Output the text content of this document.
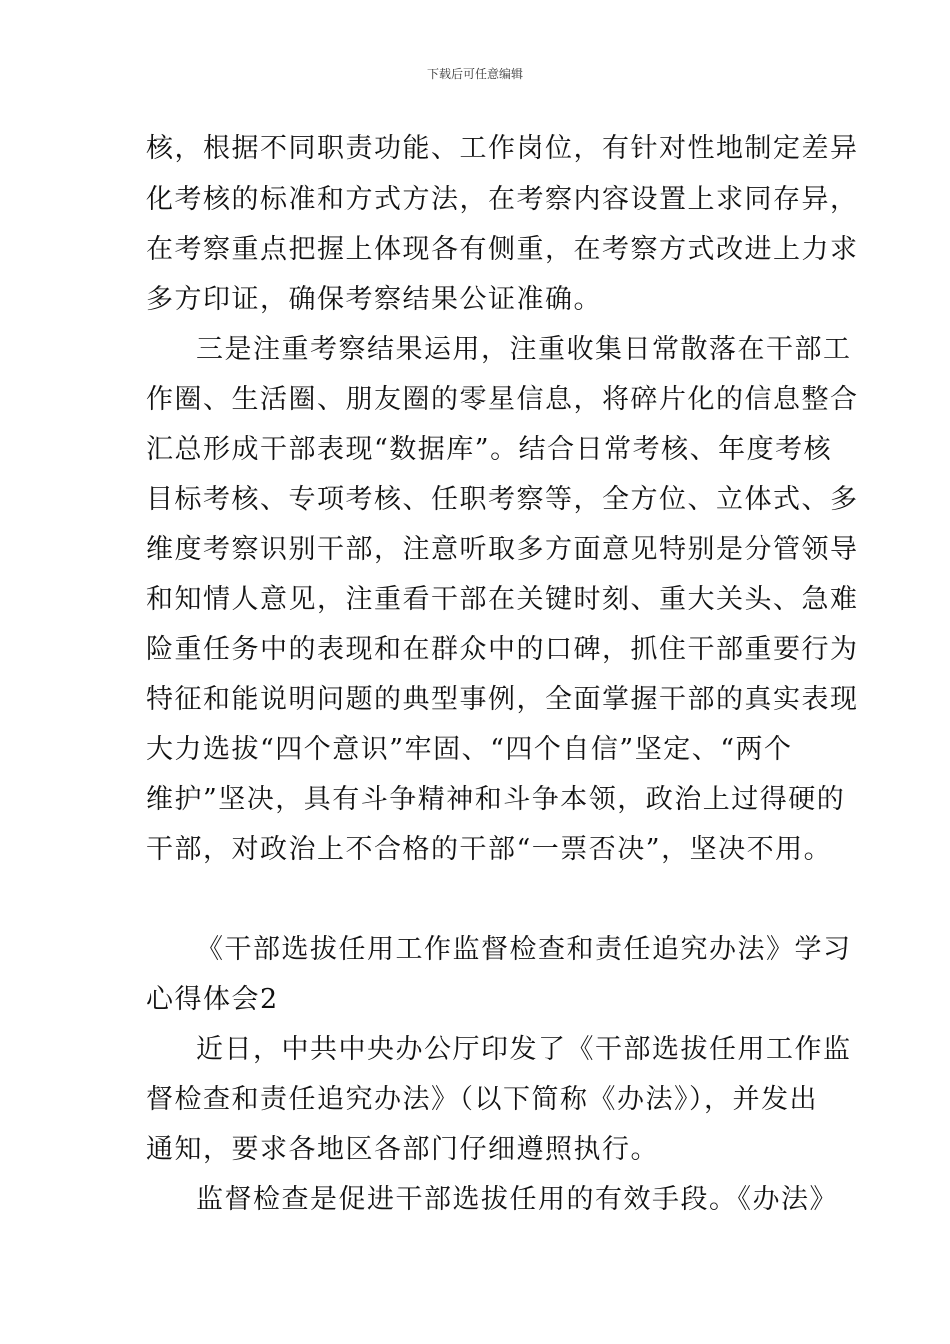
下载后可任意编辑
核，根据不同职责功能、工作岗位，有针对性地制定差异
化考核的标准和方式方法，在考察内容设置上求同存异，
在考察重点把握上体现各有侧重，在考察方式改进上力求
多方印证，确保考察结果公证准确。
三是注重考察结果运用，注重收集日常散落在干部工
作圈、生活圈、朋友圈的零星信息，将碎片化的信息整合
汇总形成干部表现“数据库”。结合日常考核、年度考核
目标考核、专项考核、任职考察等，全方位、立体式、多
维度考察识别干部，注意听取多方面意见特别是分管领导
和知情人意见，注重看干部在关键时刻、重大关头、急难
险重任务中的表现和在群众中的口碑，抓住干部重要行为
特征和能说明问题的典型事例，全面掌握干部的真实表现
大力选拔“四个意识”牢固、“四个自信”坚定、“两个
维护”坚决，具有斗争精神和斗争本领，政治上过得硬的
干部，对政治上不合格的干部“一票否决”，坚决不用。
《干部选拔任用工作监督检查和责任追究办法》学习
心得体会2
近日，中共中央办公厅印发了《干部选拔任用工作监
督检查和责任追究办法》（以下简称《办法》），并发出
通知，要求各地区各部门仔细遵照执行。
监督检查是促进干部选拔任用的有效手段。《办法》
